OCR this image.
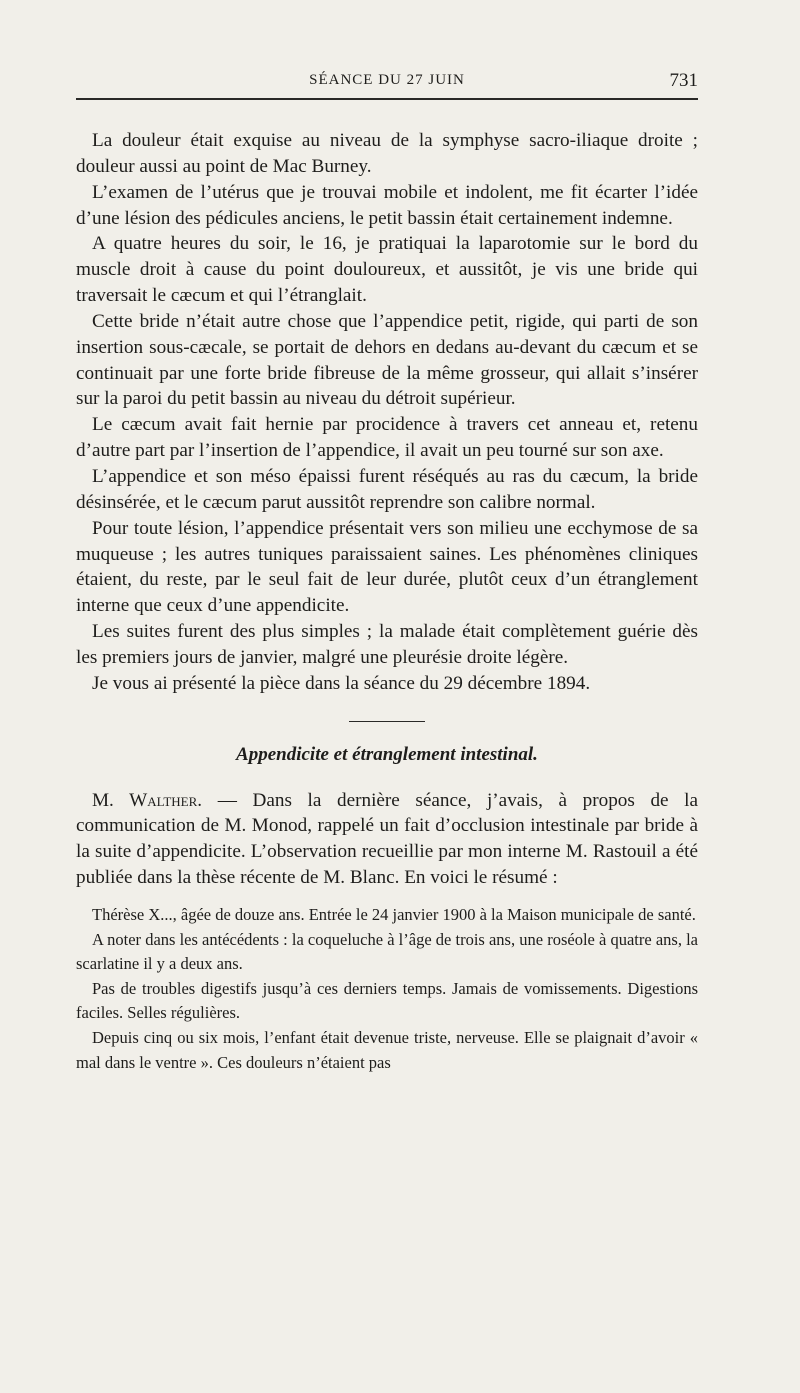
SÉANCE DU 27 JUIN	731

La douleur était exquise au niveau de la symphyse sacro-iliaque droite ; douleur aussi au point de Mac Burney.

L’examen de l’utérus que je trouvai mobile et indolent, me fit écarter l’idée d’une lésion des pédicules anciens, le petit bassin était certainement indemne.

A quatre heures du soir, le 16, je pratiquai la laparotomie sur le bord du muscle droit à cause du point douloureux, et aussitôt, je vis une bride qui traversait le cæcum et qui l’étranglait.

Cette bride n’était autre chose que l’appendice petit, rigide, qui parti de son insertion sous-cæcale, se portait de dehors en dedans au-devant du cæcum et se continuait par une forte bride fibreuse de la même grosseur, qui allait s’insérer sur la paroi du petit bassin au niveau du détroit supérieur.

Le cæcum avait fait hernie par procidence à travers cet anneau et, retenu d’autre part par l’insertion de l’appendice, il avait un peu tourné sur son axe.

L’appendice et son méso épaissi furent réséqués au ras du cæcum, la bride désinsérée, et le cæcum parut aussitôt reprendre son calibre normal.

Pour toute lésion, l’appendice présentait vers son milieu une ecchymose de sa muqueuse ; les autres tuniques paraissaient saines. Les phénomènes cliniques étaient, du reste, par le seul fait de leur durée, plutôt ceux d’un étranglement interne que ceux d’une appendicite.

Les suites furent des plus simples ; la malade était complètement guérie dès les premiers jours de janvier, malgré une pleurésie droite légère.

Je vous ai présenté la pièce dans la séance du 29 décembre 1894.

Appendicite et étranglement intestinal.

M. Walther. — Dans la dernière séance, j’avais, à propos de la communication de M. Monod, rappelé un fait d’occlusion intestinale par bride à la suite d’appendicite. L’observation recueillie par mon interne M. Rastouil a été publiée dans la thèse récente de M. Blanc. En voici le résumé :

Thérèse X..., âgée de douze ans. Entrée le 24 janvier 1900 à la Maison municipale de santé.

A noter dans les antécédents : la coqueluche à l’âge de trois ans, une roséole à quatre ans, la scarlatine il y a deux ans.

Pas de troubles digestifs jusqu’à ces derniers temps. Jamais de vomissements. Digestions faciles. Selles régulières.

Depuis cinq ou six mois, l’enfant était devenue triste, nerveuse. Elle se plaignait d’avoir « mal dans le ventre ». Ces douleurs n’étaient pas
